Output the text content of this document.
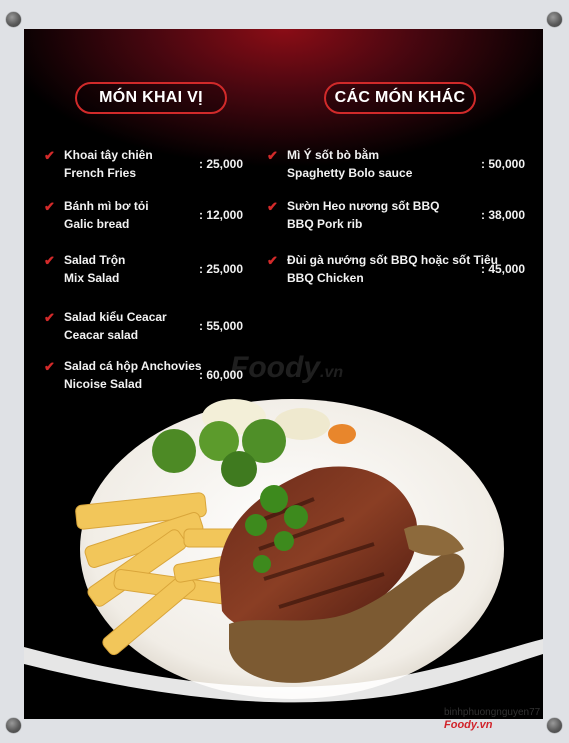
MÓN KHAI VỊ	CÁC MÓN KHÁC
✔ Khoai tây chiên
French Fries
: 25,000
✔ Bánh mì bơ tỏi
Galic bread
: 12,000
✔ Salad Trộn
Mix Salad
: 25,000
✔ Salad kiểu Ceacar
Ceacar salad
: 55,000
✔ Salad cá hộp Anchovies
Nicoise Salad
: 60,000
✔ Mì Ý sốt bò bằm
Spaghetty Bolo sauce
: 50,000
✔ Sườn Heo nương sốt BBQ
BBQ Pork rib
: 38,000
✔ Đùi gà nướng sốt BBQ hoặc sốt Tiêu
BBQ Chicken
: 45,000
Foody.vn
binhphuongnguyen77
Foody.vn
